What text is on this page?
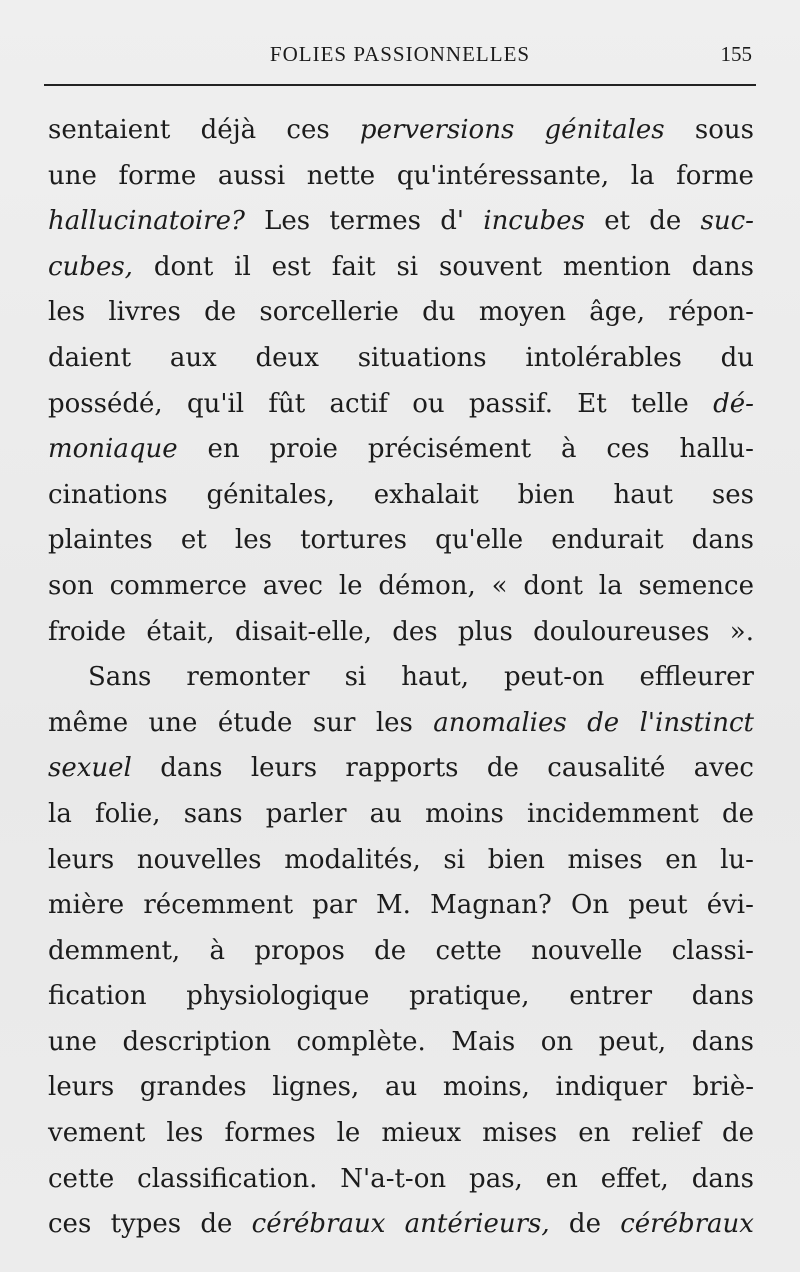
FOLIES PASSIONNELLES	155
sentaient déjà ces perversions génitales sous
une forme aussi nette qu'intéressante, la forme
hallucinatoire? Les termes d' incubes et de suc-
cubes, dont il est fait si souvent mention dans
les livres de sorcellerie du moyen âge, répon-
daient aux deux situations intolérables du
possédé, qu'il fût actif ou passif. Et telle dé-
moniaque en proie précisément à ces hallu-
cinations génitales, exhalait bien haut ses
plaintes et les tortures qu'elle endurait dans
son commerce avec le démon, « dont la semence
froide était, disait-elle, des plus douloureuses ».
Sans remonter si haut, peut-on effleurer
même une étude sur les anomalies de l'instinct
sexuel dans leurs rapports de causalité avec
la folie, sans parler au moins incidemment de
leurs nouvelles modalités, si bien mises en lu-
mière récemment par M. Magnan? On peut évi-
demment, à propos de cette nouvelle classi-
fication physiologique pratique, entrer dans
une description complète. Mais on peut, dans
leurs grandes lignes, au moins, indiquer briè-
vement les formes le mieux mises en relief de
cette classification. N'a-t-on pas, en effet, dans
ces types de cérébraux antérieurs, de cérébraux
